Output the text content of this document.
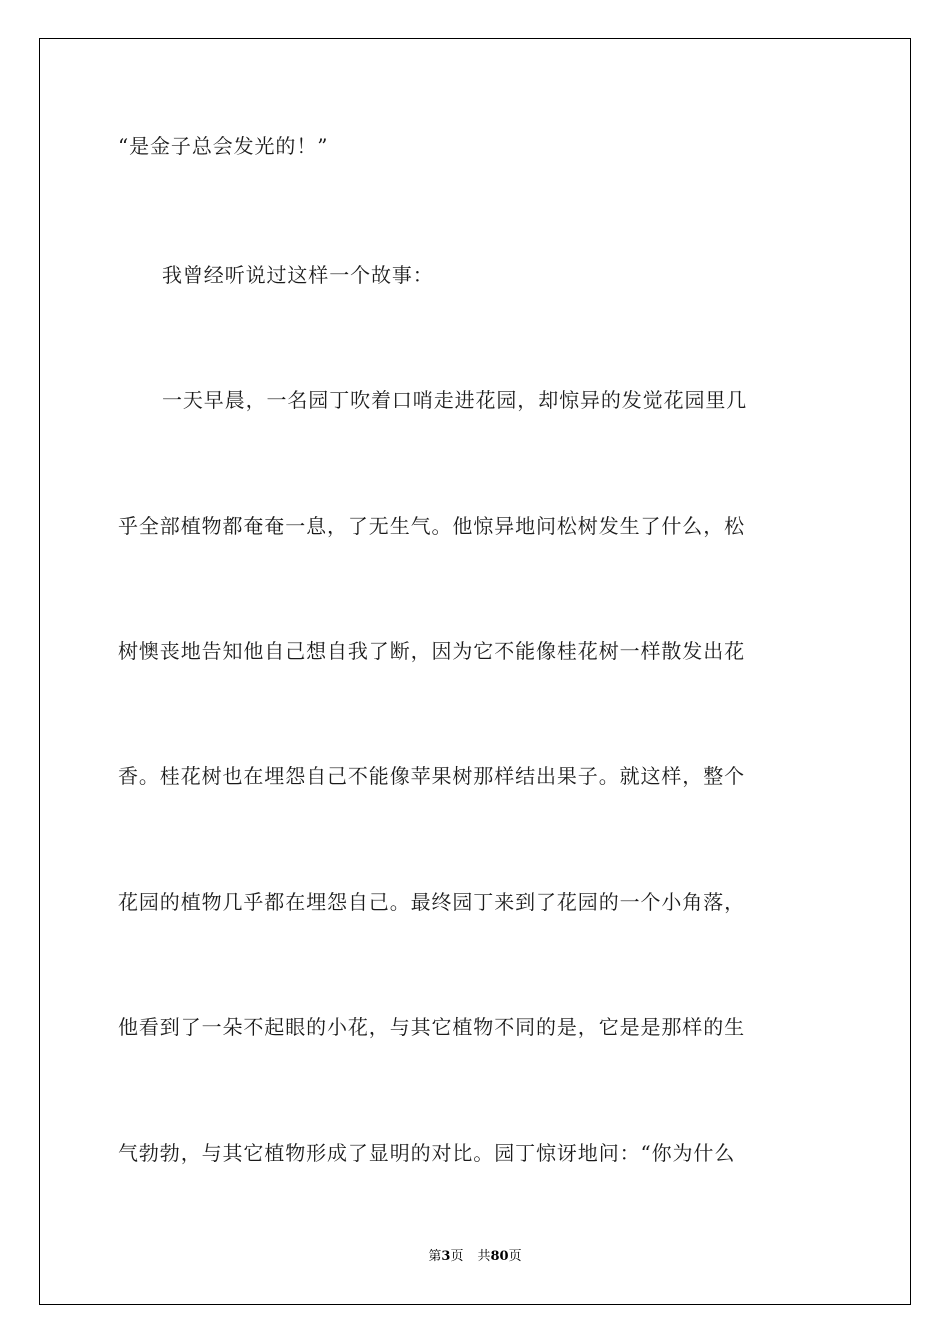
“是金子总会发光的！”

我曾经听说过这样一个故事：

一天早晨，一名园丁吹着口哨走进花园，却惊异的发觉花园里几

乎全部植物都奄奄一息，了无生气。他惊异地问松树发生了什么，松

树懊丧地告知他自己想自我了断，因为它不能像桂花树一样散发出花

香。桂花树也在埋怨自己不能像苹果树那样结出果子。就这样，整个

花园的植物几乎都在埋怨自己。最终园丁来到了花园的一个小角落，

他看到了一朵不起眼的小花，与其它植物不同的是，它是是那样的生

气勃勃，与其它植物形成了显明的对比。园丁惊讶地问：“你为什么

第3页 共80页
